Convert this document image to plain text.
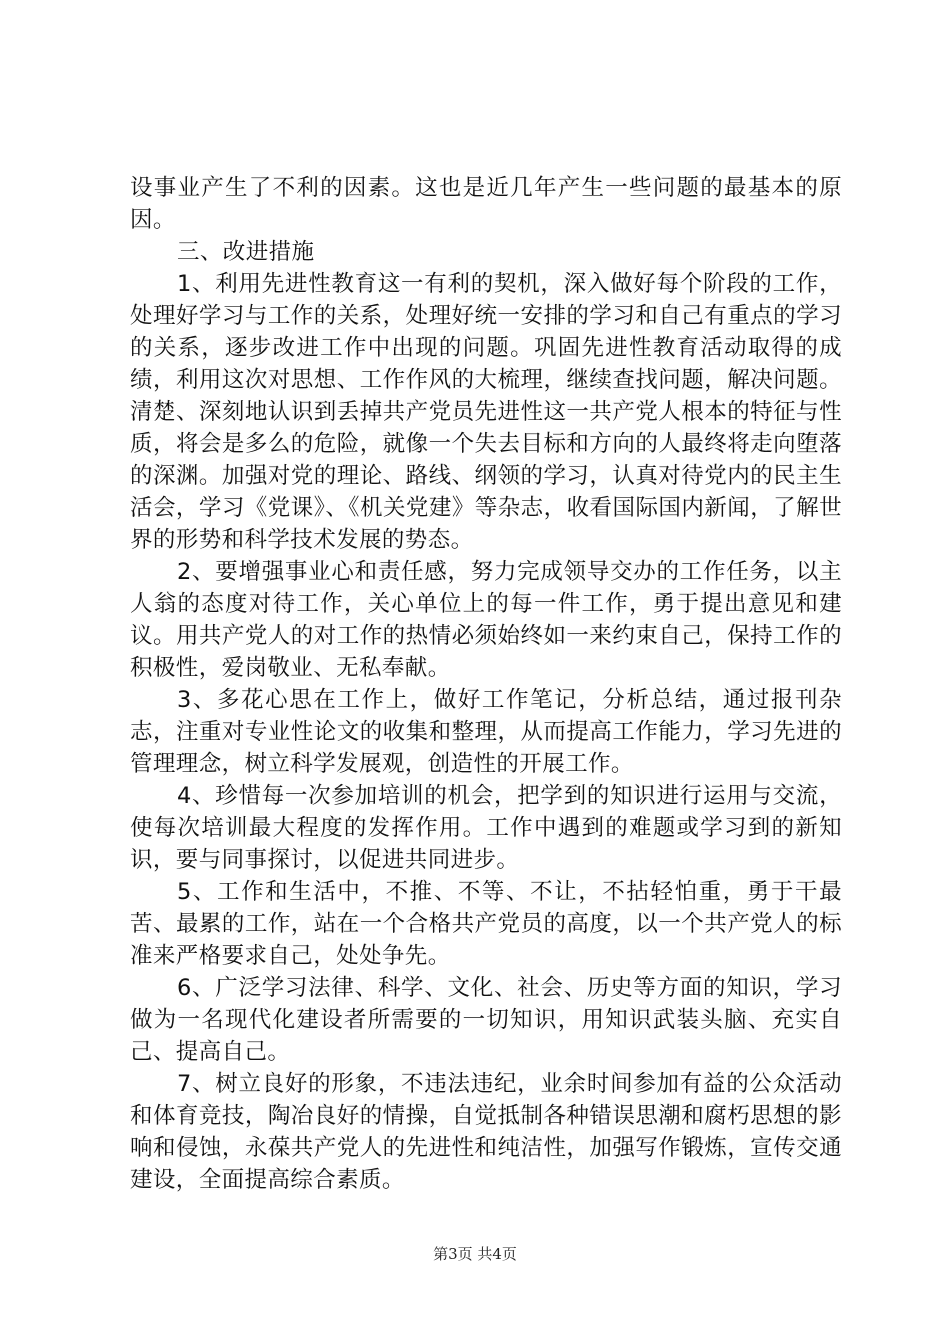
设事业产生了不利的因素。这也是近几年产生一些问题的最基本的原因。

三、改进措施

1、利用先进性教育这一有利的契机，深入做好每个阶段的工作，处理好学习与工作的关系，处理好统一安排的学习和自己有重点的学习的关系，逐步改进工作中出现的问题。巩固先进性教育活动取得的成绩，利用这次对思想、工作作风的大梳理，继续查找问题，解决问题。清楚、深刻地认识到丢掉共产党员先进性这一共产党人根本的特征与性质，将会是多么的危险，就像一个失去目标和方向的人最终将走向堕落的深渊。加强对党的理论、路线、纲领的学习，认真对待党内的民主生活会，学习《党课》、《机关党建》等杂志，收看国际国内新闻，了解世界的形势和科学技术发展的势态。

2、要增强事业心和责任感，努力完成领导交办的工作任务，以主人翁的态度对待工作，关心单位上的每一件工作，勇于提出意见和建议。用共产党人的对工作的热情必须始终如一来约束自己，保持工作的积极性，爱岗敬业、无私奉献。

3、多花心思在工作上，做好工作笔记，分析总结，通过报刊杂志，注重对专业性论文的收集和整理，从而提高工作能力，学习先进的管理理念，树立科学发展观，创造性的开展工作。

4、珍惜每一次参加培训的机会，把学到的知识进行运用与交流，使每次培训最大程度的发挥作用。工作中遇到的难题或学习到的新知识，要与同事探讨，以促进共同进步。

5、工作和生活中，不推、不等、不让，不拈轻怕重，勇于干最苦、最累的工作，站在一个合格共产党员的高度，以一个共产党人的标准来严格要求自己，处处争先。

6、广泛学习法律、科学、文化、社会、历史等方面的知识，学习做为一名现代化建设者所需要的一切知识，用知识武装头脑、充实自己、提高自己。

7、树立良好的形象，不违法违纪，业余时间参加有益的公众活动和体育竞技，陶冶良好的情操，自觉抵制各种错误思潮和腐朽思想的影响和侵蚀，永葆共产党人的先进性和纯洁性，加强写作锻炼，宣传交通建设，全面提高综合素质。

第3页 共4页
